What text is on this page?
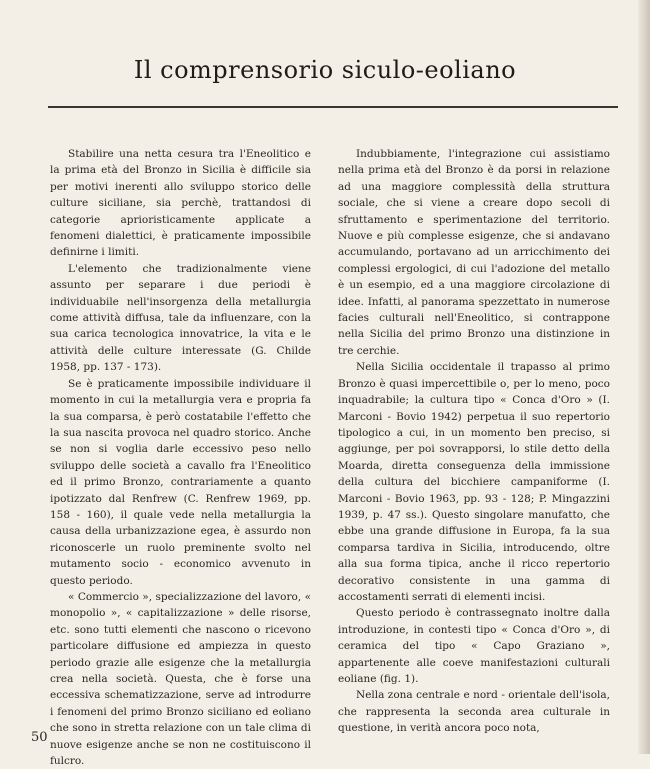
Il comprensorio siculo-eoliano

Stabilire una netta cesura tra l'Eneolitico e la prima età del Bronzo in Sicilia è difficile sia per motivi inerenti allo sviluppo storico delle culture siciliane, sia perchè, trattandosi di categorie aprioristicamente applicate a fenomeni dialettici, è praticamente impossibile definirne i limiti.

L'elemento che tradizionalmente viene assunto per separare i due periodi è individuabile nell'insorgenza della metallurgia come attività diffusa, tale da influenzare, con la sua carica tecnologica innovatrice, la vita e le attività delle culture interessate (G. Childe 1958, pp. 137 - 173).

Se è praticamente impossibile individuare il momento in cui la metallurgia vera e propria fa la sua comparsa, è però costatabile l'effetto che la sua nascita provoca nel quadro storico. Anche se non si voglia darle eccessivo peso nello sviluppo delle società a cavallo fra l'Eneolitico ed il primo Bronzo, contrariamente a quanto ipotizzato dal Renfrew (C. Renfrew 1969, pp. 158 - 160), il quale vede nella metallurgia la causa della urbanizzazione egea, è assurdo non riconoscerle un ruolo preminente svolto nel mutamento socio - economico avvenuto in questo periodo.

« Commercio », specializzazione del lavoro, « monopolio », « capitalizzazione » delle risorse, etc. sono tutti elementi che nascono o ricevono particolare diffusione ed ampiezza in questo periodo grazie alle esigenze che la metallurgia crea nella società. Questa, che è forse una eccessiva schematizzazione, serve ad introdurre i fenomeni del primo Bronzo siciliano ed eoliano che sono in stretta relazione con un tale clima di nuove esigenze anche se non ne costituiscono il fulcro.

Indubbiamente, l'integrazione cui assistiamo nella prima età del Bronzo è da porsi in relazione ad una maggiore complessità della struttura sociale, che si viene a creare dopo secoli di sfruttamento e sperimentazione del territorio. Nuove e più complesse esigenze, che si andavano accumulando, portavano ad un arricchimento dei complessi ergologici, di cui l'adozione del metallo è un esempio, ed a una maggiore circolazione di idee. Infatti, al panorama spezzettato in numerose facies culturali nell'Eneolitico, si contrappone nella Sicilia del primo Bronzo una distinzione in tre cerchie.

Nella Sicilia occidentale il trapasso al primo Bronzo è quasi impercettibile o, per lo meno, poco inquadrabile; la cultura tipo « Conca d'Oro » (I. Marconi - Bovio 1942) perpetua il suo repertorio tipologico a cui, in un momento ben preciso, si aggiunge, per poi sovrapporsi, lo stile detto della Moarda, diretta conseguenza della immissione della cultura del bicchiere campaniforme (I. Marconi - Bovio 1963, pp. 93 - 128; P. Mingazzini 1939, p. 47 ss.). Questo singolare manufatto, che ebbe una grande diffusione in Europa, fa la sua comparsa tardiva in Sicilia, introducendo, oltre alla sua forma tipica, anche il ricco repertorio decorativo consistente in una gamma di accostamenti serrati di elementi incisi.

Questo periodo è contrassegnato inoltre dalla introduzione, in contesti tipo « Conca d'Oro », di ceramica del tipo « Capo Graziano », appartenente alle coeve manifestazioni culturali eoliane (fig. 1).

Nella zona centrale e nord - orientale dell'isola, che rappresenta la seconda area culturale in questione, in verità ancora poco nota,

50
